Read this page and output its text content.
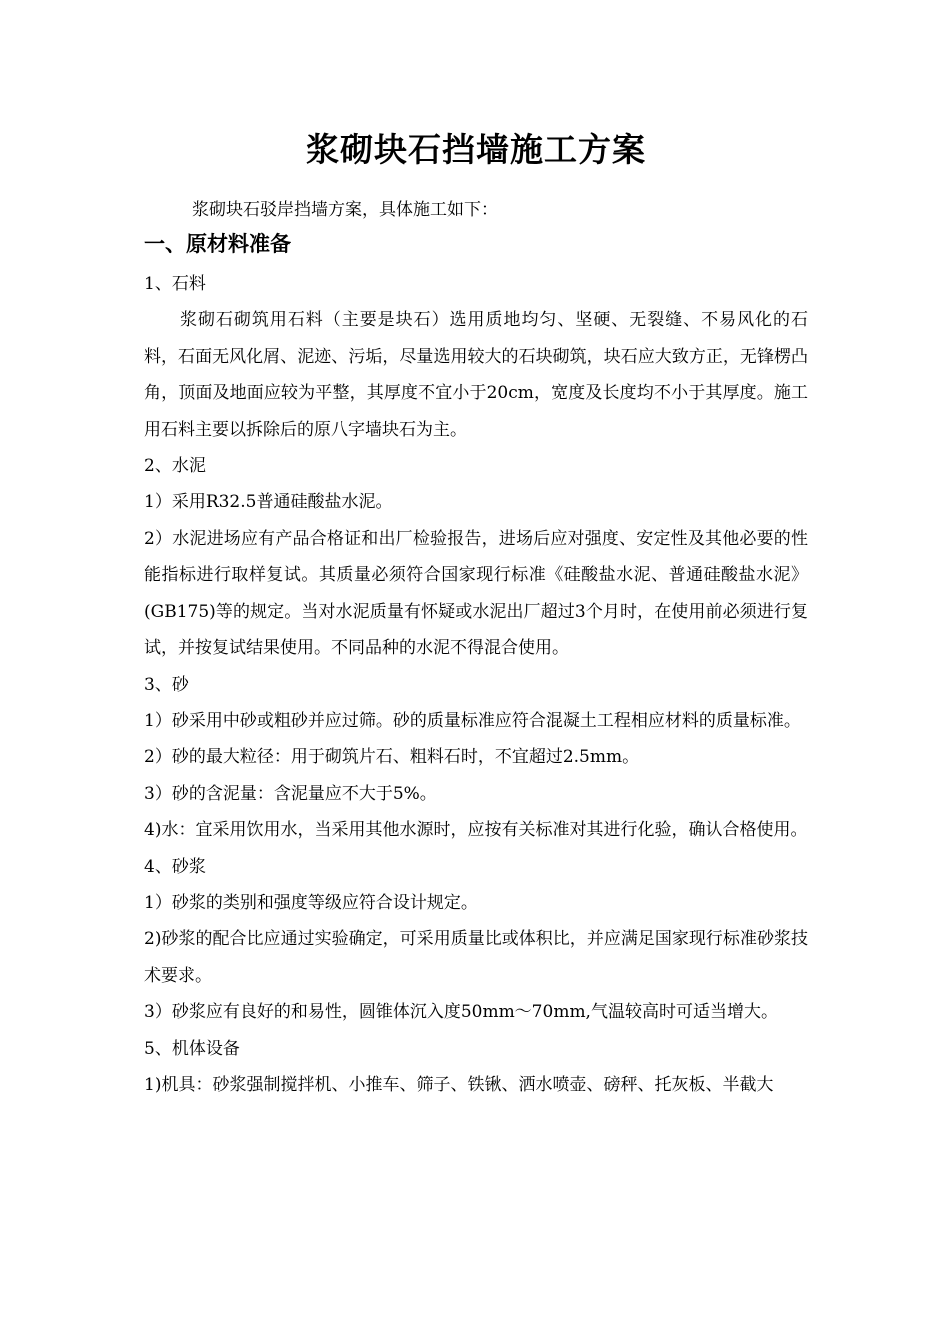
浆砌块石挡墙施工方案

浆砌块石驳岸挡墙方案，具体施工如下：

一、原材料准备

1、石料

浆砌石砌筑用石料（主要是块石）选用质地均匀、坚硬、无裂缝、不易风化的石料，石面无风化屑、泥迹、污垢，尽量选用较大的石块砌筑，块石应大致方正，无锋楞凸角，顶面及地面应较为平整，其厚度不宜小于20cm，宽度及长度均不小于其厚度。施工用石料主要以拆除后的原八字墙块石为主。

2、水泥

1）采用R32.5普通硅酸盐水泥。

2）水泥进场应有产品合格证和出厂检验报告，进场后应对强度、安定性及其他必要的性能指标进行取样复试。其质量必须符合国家现行标准《硅酸盐水泥、普通硅酸盐水泥》(GB175)等的规定。当对水泥质量有怀疑或水泥出厂超过3个月时，在使用前必须进行复试，并按复试结果使用。不同品种的水泥不得混合使用。

3、砂

1）砂采用中砂或粗砂并应过筛。砂的质量标准应符合混凝土工程相应材料的质量标准。

2）砂的最大粒径：用于砌筑片石、粗料石时，不宜超过2.5mm。

3）砂的含泥量：含泥量应不大于5%。

4)水：宜采用饮用水，当采用其他水源时，应按有关标准对其进行化验，确认合格使用。

4、砂浆

1）砂浆的类别和强度等级应符合设计规定。

2)砂浆的配合比应通过实验确定，可采用质量比或体积比，并应满足国家现行标准砂浆技术要求。

3）砂浆应有良好的和易性，圆锥体沉入度50mm～70mm,气温较高时可适当增大。

5、机体设备

1)机具：砂浆强制搅拌机、小推车、筛子、铁锹、洒水喷壶、磅秤、托灰板、半截大
